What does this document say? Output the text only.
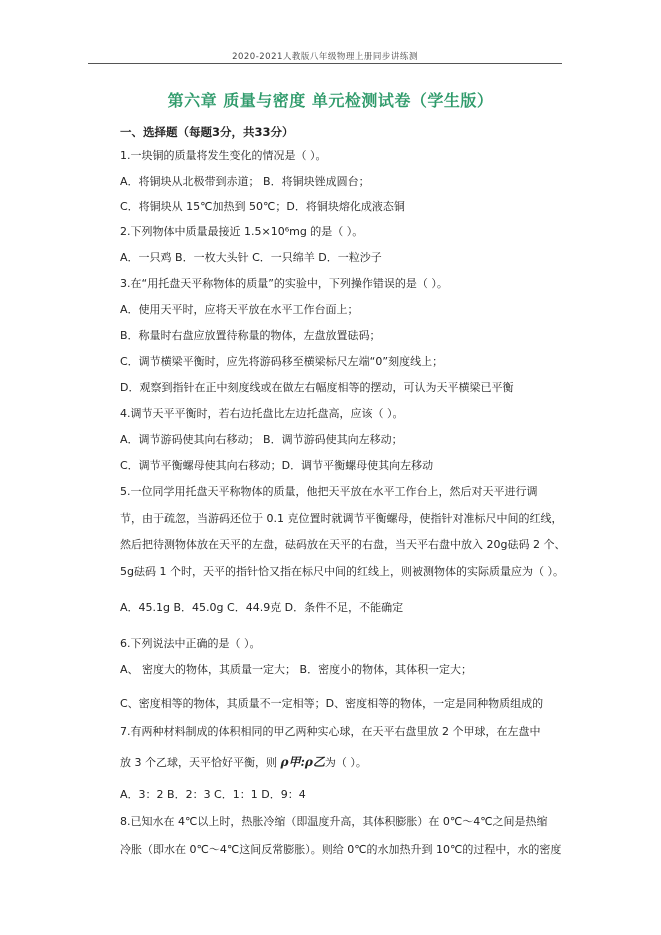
2020-2021人教版八年级物理上册同步讲练测
第六章 质量与密度 单元检测试卷（学生版）
一、选择题（每题3分，共33分）
1.一块铜的质量将发生变化的情况是（ ）。
A．将铜块从北极带到赤道； B．将铜块锉成圆台；
C．将铜块从 15℃加热到 50℃；D．将铜块熔化成液态铜
2.下列物体中质量最接近 1.5×10⁶mg 的是（ ）。
A．一只鸡 B．一枚大头针 C．一只绵羊 D．一粒沙子
3.在“用托盘天平称物体的质量”的实验中，下列操作错误的是（ ）。
A．使用天平时，应将天平放在水平工作台面上；
B．称量时右盘应放置待称量的物体，左盘放置砝码；
C．调节横梁平衡时，应先将游码移至横梁标尺左端“0”刻度线上；
D．观察到指针在正中刻度线或在做左右幅度相等的摆动，可认为天平横梁已平衡
4.调节天平平衡时，若右边托盘比左边托盘高，应该（ ）。
A．调节游码使其向右移动； B．调节游码使其向左移动；
C．调节平衡螺母使其向右移动；D．调节平衡螺母使其向左移动
5.一位同学用托盘天平称物体的质量，他把天平放在水平工作台上，然后对天平进行调
节，由于疏忽，当游码还位于 0.1 克位置时就调节平衡螺母，使指针对准标尺中间的红线，
然后把待测物体放在天平的左盘，砝码放在天平的右盘，当天平右盘中放入 20g砝码 2 个、
5g砝码 1 个时，天平的指针恰又指在标尺中间的红线上，则被测物体的实际质量应为（ ）。
A．45.1g B．45.0g C．44.9克 D．条件不足，不能确定
6.下列说法中正确的是（ ）。
A、 密度大的物体，其质量一定大； B．密度小的物体，其体积一定大；
C、密度相等的物体，其质量不一定相等；D、密度相等的物体，一定是同种物质组成的
7.有两种材料制成的体积相同的甲乙两种实心球，在天平右盘里放 2 个甲球，在左盘中
放 3 个乙球，天平恰好平衡，则 ρ甲:ρ乙为（ ）。
A．3：2 B．2：3 C．1：1 D．9：4
8.已知水在 4℃以上时，热胀冷缩（即温度升高，其体积膨胀）在 0℃～4℃之间是热缩
冷胀（即水在 0℃～4℃这间反常膨胀）。则给 0℃的水加热升到 10℃的过程中，水的密度
